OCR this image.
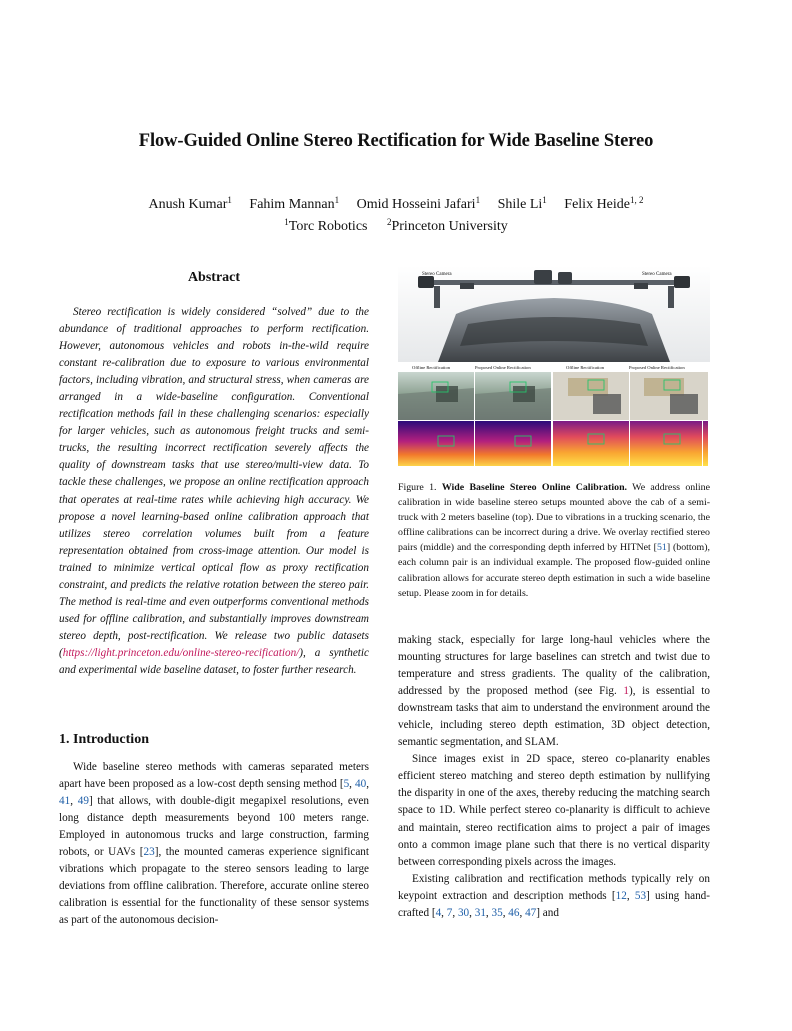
Flow-Guided Online Stereo Rectification for Wide Baseline Stereo
Anush Kumar$^1$ Fahim Mannan$^1$ Omid Hosseini Jafari$^1$ Shile Li$^1$ Felix Heide$^{1, 2}$
$^1$Torc Robotics $^2$Princeton University
Abstract
Stereo rectification is widely considered “solved” due to the abundance of traditional approaches to perform rectification. However, autonomous vehicles and robots in-the-wild require constant re-calibration due to exposure to various environmental factors, including vibration, and structural stress, when cameras are arranged in a wide-baseline configuration. Conventional rectification methods fail in these challenging scenarios: especially for larger vehicles, such as autonomous freight trucks and semi-trucks, the resulting incorrect rectification severely affects the quality of downstream tasks that use stereo/multi-view data. To tackle these challenges, we propose an online rectification approach that operates at real-time rates while achieving high accuracy. We propose a novel learning-based online calibration approach that utilizes stereo correlation volumes built from a feature representation obtained from cross-image attention. Our model is trained to minimize vertical optical flow as proxy rectification constraint, and predicts the relative rotation between the stereo pair. The method is real-time and even outperforms conventional methods used for offline calibration, and substantially improves downstream stereo depth, post-rectification. We release two public datasets (https://light.princeton.edu/online-stereo-recification/), a synthetic and experimental wide baseline dataset, to foster further research.
1. Introduction

Wide baseline stereo methods with cameras separated meters apart have been proposed as a low-cost depth sensing method [5, 40, 41, 49] that allows, with double-digit megapixel resolutions, even long distance depth measurements beyond 100 meters range. Employed in autonomous trucks and large construction, farming robots, or UAVs [23], the mounted cameras experience significant vibrations which propagate to the stereo sensors leading to large deviations from offline calibration. Therefore, accurate online stereo calibration is essential for the functionality of these sensor systems as part of the autonomous decision-

Stereo Camera	Stereo Camera
Offline Rectification	Proposed Online Rectification	Offline Rectification	Proposed Online Rectification
Figure 1. Wide Baseline Stereo Online Calibration. We address online calibration in wide baseline stereo setups mounted above the cab of a semi-truck with 2 meters baseline (top). Due to vibrations in a trucking scenario, the offline calibrations can be incorrect during a drive. We overlay rectified stereo pairs (middle) and the corresponding depth inferred by HITNet [51] (bottom), each column pair is an individual example. The proposed flow-guided online calibration allows for accurate stereo depth estimation in such a wide baseline setup. Please zoom in for details.

making stack, especially for large long-haul vehicles where the mounting structures for large baselines can stretch and twist due to temperature and stress gradients. The quality of the calibration, addressed by the proposed method (see Fig. 1), is essential to downstream tasks that aim to understand the environment around the vehicle, including stereo depth estimation, 3D object detection, semantic segmentation, and SLAM.

Since images exist in 2D space, stereo co-planarity enables efficient stereo matching and stereo depth estimation by nullifying the disparity in one of the axes, thereby reducing the matching search space to 1D. While perfect stereo co-planarity is difficult to achieve and maintain, stereo rectification aims to project a pair of images onto a common image plane such that there is no vertical disparity between corresponding pixels across the images.

Existing calibration and rectification methods typically rely on keypoint extraction and description methods [12, 53] using hand-crafted [4, 7, 30, 31, 35, 46, 47] and
